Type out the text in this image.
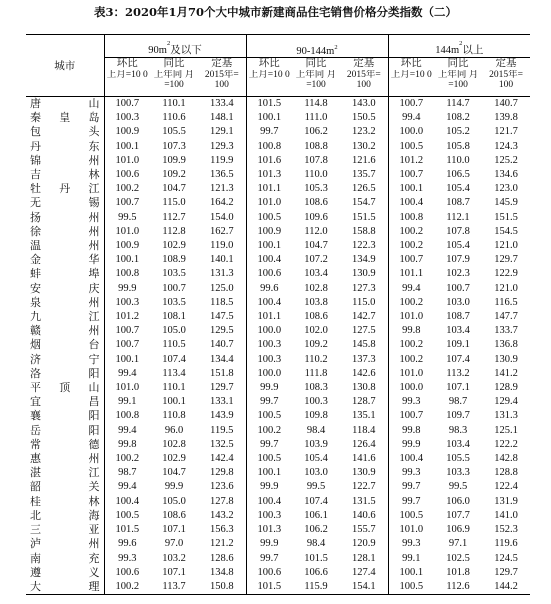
表3：2020年1月70个大中城市新建商品住宅销售价格分类指数（二）
城市	$90m^2$及以下			$90-144m^2$			$144m^2$以上		
	环比	同比	定基	环比	同比	定基	环比	同比	定基
	上月=10 0	上年同 月=100	2015年= 100	上月=10 0	上年同 月=100	2015年= 100	上月=10 0	上年同 月=100	2015年= 100
唐山	100.7	110.1	133.4	101.5	114.8	143.0	100.7	114.7	140.7
秦皇岛	100.3	110.6	148.1	100.1	111.0	150.5	99.4	108.2	139.8
包头	100.9	105.5	129.1	99.7	106.2	123.2	100.0	105.2	121.7
丹东	100.1	107.3	129.3	100.8	108.8	130.2	100.5	105.8	124.3
锦州	101.0	109.9	119.9	101.6	107.8	121.6	101.2	110.0	125.2
吉林	100.6	109.2	136.5	101.3	110.0	135.7	100.7	106.5	134.6
牡丹江	100.2	104.7	121.3	101.1	105.3	126.5	100.1	105.4	123.0
无锡	100.7	115.0	164.2	101.0	108.6	154.7	100.4	108.7	145.9
扬州	99.5	112.7	154.0	100.5	109.6	151.5	100.8	112.1	151.5
徐州	101.0	112.8	162.7	100.9	112.0	158.8	100.2	107.8	154.5
温州	100.9	102.9	119.0	100.1	104.7	122.3	100.2	105.4	121.0
金华	100.1	108.9	140.1	100.4	107.2	134.9	100.7	107.9	129.7
蚌埠	100.8	103.5	131.3	100.6	103.4	130.9	101.1	102.3	122.9
安庆	99.9	100.7	125.0	99.6	102.8	127.3	99.4	100.7	121.0
泉州	100.3	103.5	118.5	100.4	103.8	115.0	100.2	103.0	116.5
九江	101.2	108.1	147.5	101.1	108.6	142.7	101.0	108.7	147.7
赣州	100.7	105.0	129.5	100.0	102.0	127.5	99.8	103.4	133.7
烟台	100.7	110.5	140.7	100.3	109.2	145.8	100.2	109.1	136.8
济宁	100.1	107.4	134.4	100.3	110.2	137.3	100.2	107.4	130.9
洛阳	99.4	113.4	151.8	100.0	111.8	142.6	101.0	113.2	141.2
平顶山	101.0	110.1	129.7	99.9	108.3	130.8	100.0	107.1	128.9
宜昌	99.1	100.1	133.1	99.7	100.3	128.7	99.3	98.7	129.4
襄阳	100.8	110.8	143.9	100.5	109.8	135.1	100.7	109.7	131.3
岳阳	99.4	96.0	119.5	100.2	98.4	118.4	99.8	98.3	125.1
常德	99.8	102.8	132.5	99.7	103.9	126.4	99.9	103.4	122.2
惠州	100.2	102.9	142.4	100.5	105.4	141.6	100.4	105.5	142.8
湛江	98.7	104.7	129.8	100.1	103.0	130.9	99.3	103.3	128.8
韶关	99.4	99.9	123.6	99.9	99.5	122.7	99.7	99.5	122.4
桂林	100.4	105.0	127.8	100.4	107.4	131.5	99.7	106.0	131.9
北海	100.5	108.6	143.2	100.3	106.1	140.6	100.5	107.7	141.0
三亚	101.5	107.1	156.3	101.3	106.2	155.7	101.0	106.9	152.3
泸州	99.6	97.0	121.2	99.9	98.4	120.9	99.3	97.1	119.6
南充	99.3	103.2	128.6	99.7	101.5	128.1	99.1	102.5	124.5
遵义	100.6	107.1	134.8	100.6	106.6	127.4	100.1	101.8	129.7
大理	100.2	113.7	150.8	101.5	115.9	154.1	100.5	112.6	144.2
